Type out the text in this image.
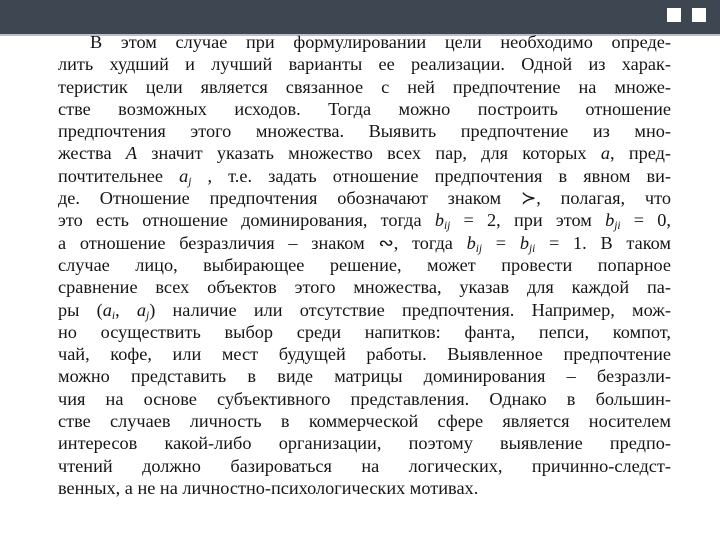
В этом случае при формулировании цели необходимо опреде-
лить худший и лучший варианты ее реализации. Одной из харак-
теристик цели является связанное с ней предпочтение на множе-
стве возможных исходов. Тогда можно построить отношение
предпочтения этого множества. Выявить предпочтение из мно-
жества A значит указать множество всех пар, для которых a, пред-
почтительнее $a_j$ , т.е. задать отношение предпочтения в явном ви-
де. Отношение предпочтения обозначают знаком ≻, полагая, что
это есть отношение доминирования, тогда $b_{ij} = 2$, при этом $b_{ji} = 0$,
а отношение безразличия – знаком ∾, тогда $b_{ij} = b_{ji} = 1$. В таком
случае лицо, выбирающее решение, может провести попарное
сравнение всех объектов этого множества, указав для каждой па-
ры ($a_i$, $a_j$) наличие или отсутствие предпочтения. Например, мож-
но осуществить выбор среди напитков: фанта, пепси, компот,
чай, кофе, или мест будущей работы. Выявленное предпочтение
можно представить в виде матрицы доминирования – безразли-
чия на основе субъективного представления. Однако в большин-
стве случаев личность в коммерческой сфере является носителем
интересов какой-либо организации, поэтому выявление предпо-
чтений должно базироваться на логических, причинно-следст-
венных, а не на личностно-психологических мотивах.
